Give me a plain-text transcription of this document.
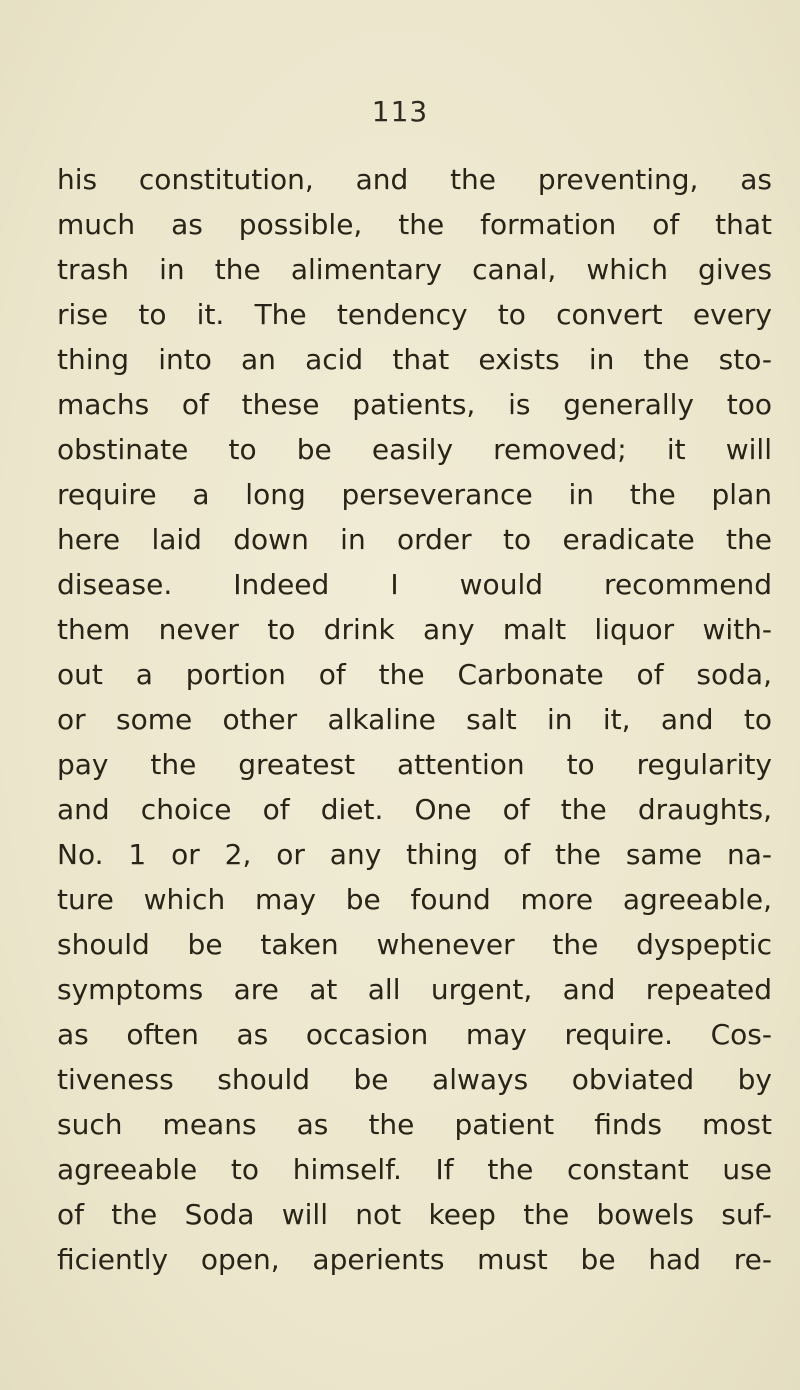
113
his constitution, and the preventing, as
much as possible, the formation of that
trash in the alimentary canal, which gives
rise to it. The tendency to convert every
thing into an acid that exists in the sto-
machs of these patients, is generally too
obstinate to be easily removed; it will
require a long perseverance in the plan
here laid down in order to eradicate the
disease. Indeed I would recommend
them never to drink any malt liquor with-
out a portion of the Carbonate of soda,
or some other alkaline salt in it, and to
pay the greatest attention to regularity
and choice of diet. One of the draughts,
No. 1 or 2, or any thing of the same na-
ture which may be found more agreeable,
should be taken whenever the dyspeptic
symptoms are at all urgent, and repeated
as often as occasion may require. Cos-
tiveness should be always obviated by
such means as the patient finds most
agreeable to himself. If the constant use
of the Soda will not keep the bowels suf-
ficiently open, aperients must be had re-
